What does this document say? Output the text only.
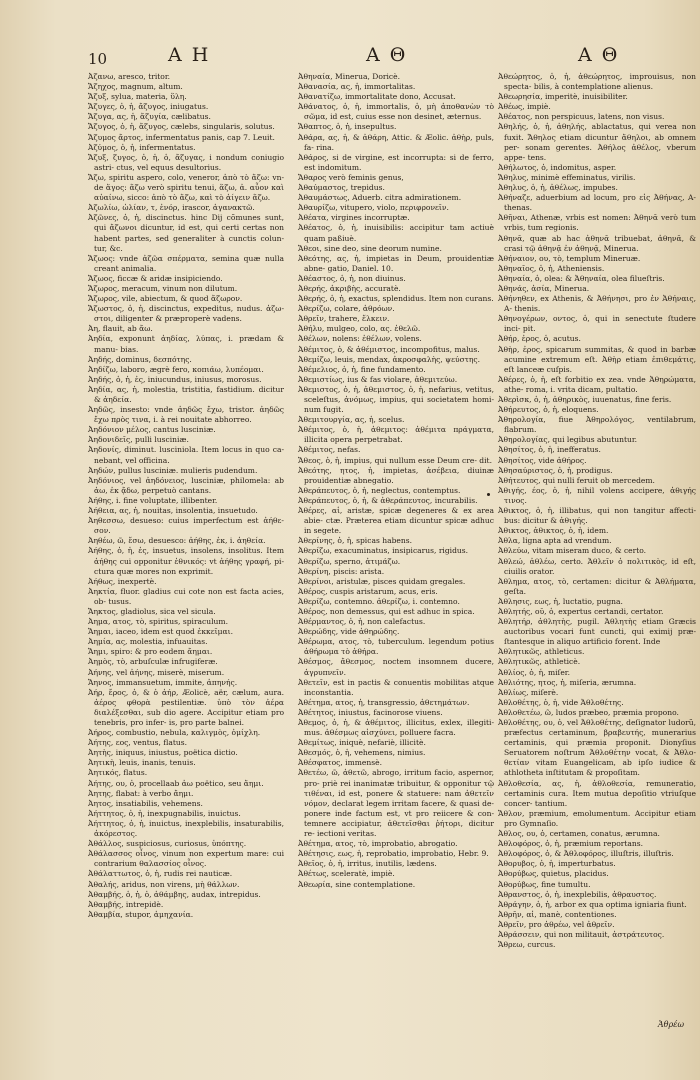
10	Α Η	Α Θ	Α Θ

Ἀζανω, aresco, tritor.

Ἄζηχος, magnum, altum.

Ἄζυξ, sylua, materia, ὕλη.

Ἄζυγες, ὁ, ἡ, ἄζυγος, iniugatus.

Ἄζυγα, ας, ἡ, ἄζυγία, cælibatus.

Ἄζυγος, ὁ, ἡ, ἄζυγος, cælebs, singularis, solutus.

Ἄζυμος ἄρτος, infermentatus panis, cap 7. Leuit.

Ἀζύμος, ὁ, ἡ, infermentatus.

Ἄζυξ, ζυγος, ὁ, ἡ, ὁ, ἄζυγας, i nondum coniugio astri- ctus, vel equus desultorius.

Ἄζω, spiritu aspero, colo, veneror, ἀπὸ τὸ ἅζω: vn- de ἅγος: ἅζω verò spiritu tenui, ἅζω, ἀ. αὖον καὶ αὐαίνω, sicco: ἀπὸ τὸ ἅζω, καὶ τὸ ἀίγειν ἅζω.

Ἀζωλίω, ὠλίαν, τ, ἑνόρ, irascor, ἀγανακτῶ.

Ἀζῶνες, ὁ, ἡ, discinctus. hinc Dij cõmunes sunt, qui ἄζωνοι dicuntur, id est, qui certi certas non habent partes, sed generaliter à cunctis colun- tur, &c.

Ἄζωος: vnde ἀζῶα σπέρματα, semina quæ nulla creant animalia.

Ἄζωος, ficcæ & aridæ insipiciendo.

Ἄζωρος, meracum, vinum non dilutum.

Ἄζωρος, vile, abiectum, & quod ἄζωρον.

Ἄζωστος, ὁ, ἡ, discinctus, expeditus, nudus. ἀζω- στοι, diligenter & præproperè vadens.

Ἀη, flauit, ab ἄω.

Ἀηδία, exponunt ἀηδίας, λύπας, i. prædam & manu- bias.

Ἀηδής, dominus, δεσπότης.

Ἀηδίζω, laboro, ægrè fero, κοπιάω, λυπέομαι.

Ἀηδής, ὁ, ἡ, ἐς, iniucundus, iniusus, morosus.

Ἀηδία, ας, ἡ, molestia, tristitia, fastidium. dicitur & ἀηδεία.

Ἀηδῶς, insesto: vnde ἀηδῶς ἔχω, tristor. ἀηδῶς ἔχω πρὸς τινα, i. à rei nouitate abhorreo.

Ἀηδόνιον μέλος, cantus lusciniæ.

Ἀηδονιδεῖς, pulli lusciniæ.

Ἀηδονίς, diminut. lusciniola. Item locus in quo ca- nebant, vel officina.

Ἀηδών, pullus lusciniæ. mulieris pudendum.

Ἀηδόνιος, vel ἀηδόνειος, lusciniæ, philomela: ab ἀω, ἐκ ᾄδω, perpetuò cantans.

Ἀήθης, i. fine voluptate, illibenter.

Ἀήθεια, ας, ἡ, nouitas, insolentia, insuetudo.

Ἀηθεσσω, desueso: cuius imperfectum est ἀήθε- σον.

Ἀηθέω, ῶ, ἔσω, desuesco: ἀήθης, ἐκ, i. ἀηθεία.

Ἀήθης, ὁ, ἡ, ἐς, insuetus, insolens, insolitus. Item ἀήθης cui opponitur ἐθνικός: vt ἀήθης γραφή, pi- ctura quæ mores non exprimit.

Ἀήθως, inexpertè.

Ἀηκτία, fluor. gladius cui cote non est facta acies, ob- tusus.

Ἄηκτος, gladiolus, sica vel sicula.

Ἀημα, ατος, τὸ, spiritus, spiraculum.

Ἄημαι, iaceo, idem est quod ἐκκεῖμαι.

Ἀημία, ας, molestia, infuauitas.

Ἄημι, spiro: & pro eodem ἄημαι.

Ἀημὸς, τὸ, arbuſculæ infrugiferæ.

Ἀήνης, vel ἀήνης, miserè, miserum.

Ἄηνος, immansuetum, immite, ἀπηνής.

Ἀήρ, ἔρος, ὁ, & ὁ ἀήρ, Æolicè, aër, cælum, aura. ἀέρος φθορὰ pestilentiæ. ὑπὸ τὸν ἀέρα διαλέξεσθαι, sub dio agere. Accipitur etiam pro tenebris, pro infer- is, pro parte balnei.

Ἀήρος, combustio, nebula, καλιγμὸς, ὀμίχλη.

Ἀήτης, εος, ventus, flatus.

Ἀητὴς, iniquus, iniustus, poëtica dictio.

Ἀητικὴ, leuis, inanis, tenuis.

Ἀητικός, flatus.

Ἀήτης, ου, ὁ, procellaab ἀω poëtico, seu ἄημι.

Ἀητης, flabat: à verbo ἄημι.

Ἀητος, insatiabilis, vehemens.

Ἀήττητος, ὁ, ἡ, inexpugnabilis, inuictus.

Ἀήττητος, ὁ, ἡ, inuictus, inexplebilis, insaturabilis, ἀκόρεστος.

Ἀθάλλος, suspiciosus, curiosus, ὑπόπτης.

Ἀθάλασσος οἶνος, vinum non expertum mare: cui contrarium θαλασσίος οἶνος.

Ἀθάλαττωτος, ὁ, ἡ, rudis rei nauticæ.

Ἀθαλής, aridus, non virens, μὴ θάλλων.

Ἀθαμβής, ὁ, ἡ, ὁ, ἀθάμβης, audax, intrepidus.

Ἀθαμβής, intrepidè.

Ἀθαμβία, stupor, ἀμηχανία.

Ἀθηναία, Minerua, Doricè.

Ἀθανασία, ας, ἡ, immortalitas.

Ἀθανατίζω, immortalitate dono, Accusat.

Ἀθάνατος, ὁ, ἡ, immortalis, ὁ, μὴ ἀποθανὼν τὸ σῶμα, id est, cuius esse non desinet, æternus.

Ἄθαπτος, ὁ, ἡ, insepultus.

Ἀθάρα, ας, ἡ, & ἀθάρη, Attic. & Æolic. ἀθὴρ, puls, fa- rina.

Ἀθάρος, si de virgine, est incorrupta: si de ferro, est indomitum.

Ἄθαρος verò feminis genus,

Ἀθαύμαστος, trepidus.

Ἀθαυμάστως, Aduerb. citra admirationem.

Ἀθαυρίζω, vitupero, violo, περιφρονεῖν.

Ἀθέατα, virgines incorruptæ.

Ἀθέατος, ὁ, ἡ, inuisibilis: accipitur tam actiuè quam paßiuè.

Ἄθεοι, sine deo, sine deorum numine.

Ἀθεότης, ας, ἡ, impietas in Deum, prouidentiæ abne- gatio, Daniel. 10.

Ἀθέαστος, ὁ, ἡ, non diuinus.

Ἀθερής, ἀκριβὴς, accuratè.

Ἀθερής, ὁ, ἡ, exactus, splendidus. Item non curans.

Ἀθερίζω, colare, ἀθρόων.

Ἀθρεῖν, trahere, ἕλκειν.

Ἀθήλυ, mulgeo, colo, ας. ἐθελῶ.

Ἀθέλων, nolens: ἐθέλων, volens.

Ἀθέμιτος, ὁ, & ἀθέμιστος, incompofitus, malus.

Ἀθεμίζω, leuis, mendax, ἀκροσφαλὴς, ψεύστης.

Ἀθέμελιος, ὁ, ἡ, fine fundamento.

Ἀθεμιστίως, ius & fas violare, ἀθεμιτεύω.

Ἀθεμιστος, ὁ, ἡ, ἀθεμιστος, ὁ, ἡ, nefarius, vetitus, sceleſtus, ἀνόμως, impius, qui societatem homi- num fugit.

Ἀθεμιτουργία, ας, ἡ, scelus.

Ἀθέμιτος, ὁ, ἡ, ἀθεμιτος: ἀθέμιτα πράγματα, illicita opera perpetrabat.

Ἀθέμιτος, nefas.

Ἄθεος, ὁ, ἡ, impius, qui nullum esse Deum cre- dit.

Ἀθεότης, ητος, ἡ, impietas, ἀσέβεια, diuinæ prouidentiæ abnegatio.

Ἀθεράπευτος, ὁ, ἡ, neglectus, contemptus.

Ἀθεράπευτος, ὁ, ἡ, & ἀθεράπευτος, incurabilis.

Ἀθέρες, αἱ, aristæ, spicæ degeneres & ex area abie- ctæ. Præterea etiam dicuntur spicæ adhuc in segete.

Ἀθερίνης, ὁ, ἡ, spicas habens.

Ἀθερίζω, exacuminatus, insipicarus, rigidus.

Ἀθερίζω, sperno, ἀτιμάζω.

Ἀθερίνη, piscis: arista.

Ἀθερίνοι, aristulæ, pisces quidam gregales.

Ἀθέρος, cuspis aristarum, acus, eris.

Ἀθερίζω, contemno. ἀθερίζω, i. contemno.

Ἀθέρος, non demessus, qui est adhuc in spica.

Ἀθέρμαντος, ὁ, ἡ, non calefactus.

Ἀθερώδης, vide ἀθηρώδης.

Ἀθέρωμα, ατος, τὸ, tuberculum. legendum potius ἀθήρωμα τὸ ἀθήρα.

Ἀθέσμος, ἄθεσμος, noctem insomnem ducere, ἀγρυπνεῖν.

Ἀθετεῖν, est in pactis & conuentis mobilitas atque inconstantia.

Ἀθέτημα, ατος, ἡ, transgressio, ἀθετημάτων.

Ἀθέτητος, iniustus, facinorose viuens.

Ἀθεμος, ὁ, ἡ, & ἀθέμιτος, illicitus, exlex, illegiti- mus. ἀθέσμως αἰσχύνει, polluere facra.

Ἀθεμίτως, iniquè, nefariè, illicitè.

Ἀθεσμός, ὁ, ἡ, vehemens, nimius.

Ἀθέσφατος, immensè.

Ἀθετέω, ῶ, ἀθετῶ, abrogo, irritum facio, aspernor, pro- priè rei inanimatæ tribuitur, & opponitur τῷ τιθέναι, id est, ponere & statuere: nam ἀθετεῖν νόμον, declarat legem irritam facere, & quasi de- ponere inde factum est, vt pro reiicere & con- temnere accipiatur, ἀθετεῖσθαι ῥήτορι, dicitur re- iectioni veritas.

Ἀθέτημα, ατος, τὸ, improbatio, abrogatio.

Ἀθέτησις, εως, ἡ, reprobatio, improbatio, Hebr. 9.

Ἀθεῖος, ὁ, ἡ, irritus, inutilis, lædens.

Ἀθέτως, sceleratè, impiè.

Ἀθεωρία, sine contemplatione.

Ἀθεώρητος, ὁ, ἡ, ἀθεώρητος, improuisus, non specta- bilis, à contemplatione alienus.

Ἀθεωρησία, imperitè, inuisibiliter.

Ἀθέως, impiè.

Ἀθέατος, non perspicuus, latens, non visus.

Ἀθηλής, ὁ, ἡ, ἀθηλής, ablactatus, qui verea non fuxit. Ἄθηλος etiam dicuntur ἄθηλοι, ab omnem per- sonam gerentes. Ἀθήλος ἀθέλος, vberum appe- tens.

Ἀθήλωτος, ὁ, indomitus, asper.

Ἄθηλυς, minimè effeminatus, virilis.

Ἀθηλυς, ὁ, ἡ, ἀθέλως, impubes.

Ἀθήναζε, aduerbium ad locum, pro εἰς Ἀθήνας, A- thenas.

Ἀθῆναι, Athenæ, vrbis est nomen: Ἀθηνᾶ verò tum vrbis, tum regionis.

Ἀθηνᾶ, quæ ab hac ἀθηνᾶ tribuebat, ἀθηνᾶ, & crasi τῷ ἀθηνᾷ ἐν ἀθηνᾷ, Minerua.

Ἀθήναιον, ου, τὸ, templum Mineruæ.

Ἀθηναῖος, ὁ, ἡ, Atheniensis.

Ἀθηναία, ὁ, olea: & Ἀθηναία, olea filueſtris.

Ἀθηνάς, ἀσία, Minerua.

Ἀθήνηθεν, ex Athenis, & Ἀθήνησι, pro ἐν Ἀθήναις, A- thenis.

Ἀθηνογέρων, οντος, ὁ, qui in senectute ſtudere inci- pit.

Ἀθήρ, ἐρος, ὁ, acutus.

Ἀθὴρ, ἐρος, spicarum summitas, & quod in barbæ acumine extremum eſt. Ἀθὴρ etiam ἐπιθεμάτις, eſt lanceæ cuſpis.

Ἀθέρες, ὁ, ἡ, eſt forbitio ex zea. vnde Ἀθηρώματα, athe- roma, i. vrita dicam, pultatio.

Ἀθερὶσκ, ὁ, ἡ, ἀθηρικὸς, iuuenatus, fine feris.

Ἀθήρευτος, ὁ, ἡ, eloquens.

Ἀθηρολογία, fiue Ἀθηρολόγος, ventilabrum, flabrum.

Ἀθηρολογίας, qui legibus abutuntur.

Ἀθησίτος, ὁ, ἡ, inefferatus.

Ἀθησίτος, vide ἀθήρος.

Ἀθησαύριστος, ὁ, ἡ, prodigus.

Ἀθήτευτος, qui nulli feruit ob mercedem.

Ἀθιγής, έος, ὁ, ἡ, nihil volens accipere, ἀθιγής τινος.

Ἀθικτος, ὁ, ἡ, illibatus, qui non tangitur affecti- bus: dicitur & ἀθιγής.

Ἀθικτος, ἀθικτος, ὁ, ἡ, idem.

Ἀθλα, ligna apta ad vrendum.

Ἀθλεύω, vitam miseram duco, & certo.

Ἀθλεώ, ἀθλέω, certo. Ἀθλεῖν ὁ πολιτικὸς, id eſt, ciuilis orator.

Ἀθλημα, ατος, τὸ, certamen: dicitur & Ἀθλήματα, geſta.

Ἀθλησις, εως, ἡ, luctatio, pugna.

Ἀθλητής, οῦ, ὁ, expertus certandi, certator.

Ἀθλητήρ, ἀθλητὴς, pugil. Ἀθλητὴς etiam Græcis auctoribus vocari funt cuncti, qui eximij præ- ſtantesque in aliquo artificio forent. Inde

Ἀθλητικῶς, athleticus.

Ἀθλητικῶς, athleticè.

Ἀθλίος, ὁ, ἡ, miſer.

Ἀθλιότης, ητος, ἡ, miſeria, ærumna.

Ἀθλίως, miſerè.

Ἀθλοθέτης, ὁ, ἡ, vide Ἀθλοθέτης.

Ἀθλοθετέω, ῶ, ludos præbeo, præmia propono.

Ἀθλοθέτης, ου, ὁ, vel Ἀθλοθέτης, deſignator ludorũ, præfectus certaminum, βραβευτής, munerarius certaminis, qui præmia proponit. Dionyſius Seruatorem noſtrum Ἀθλοθέτην vocat, & Ἀθλο- θετίαν vitam Euangelicam, ab ipſo iudice & athlotheta inſtitutam & propoſitam.

Ἀθλοθεσία, ας, ἡ, ἀθλοθεσία, remuneratio, certaminis cura. Item mutua depoſitio vtriuſque concer- tantium.

Ἄθλον, præmium, emolumentum. Accipitur etiam pro Gymnaſio.

Ἀθλος, ου, ὁ, certamen, conatus, ærumna.

Ἀθλοφόρος, ὁ, ἡ, præmium reportans.

Ἀθλοφόρος, ὁ, & Ἀθλοφόρος, illuſtris, illuſtris.

Ἀθορυβος, ὁ, ἡ, imperturbatus.

Ἀθορύβως, quietus, placidus.

Ἀθορύβως, fine tumultu.

Ἀθρανστος, ὁ, ἡ, inexplebilis, ἀθραυστος.

Ἀθράγην, ὁ, ἡ, arbor ex qua optima igniaria fiunt.

Ἀθρῆν, αἱ, manè, contentiones.

Ἀθρεῖν, pro ἀθρέω, vel ἀθρεῖν.

Ἀθράσσειν, qui non militauit, ἀστράτευτος.

Ἄθρεω, curcus.

Ἀθρέω
